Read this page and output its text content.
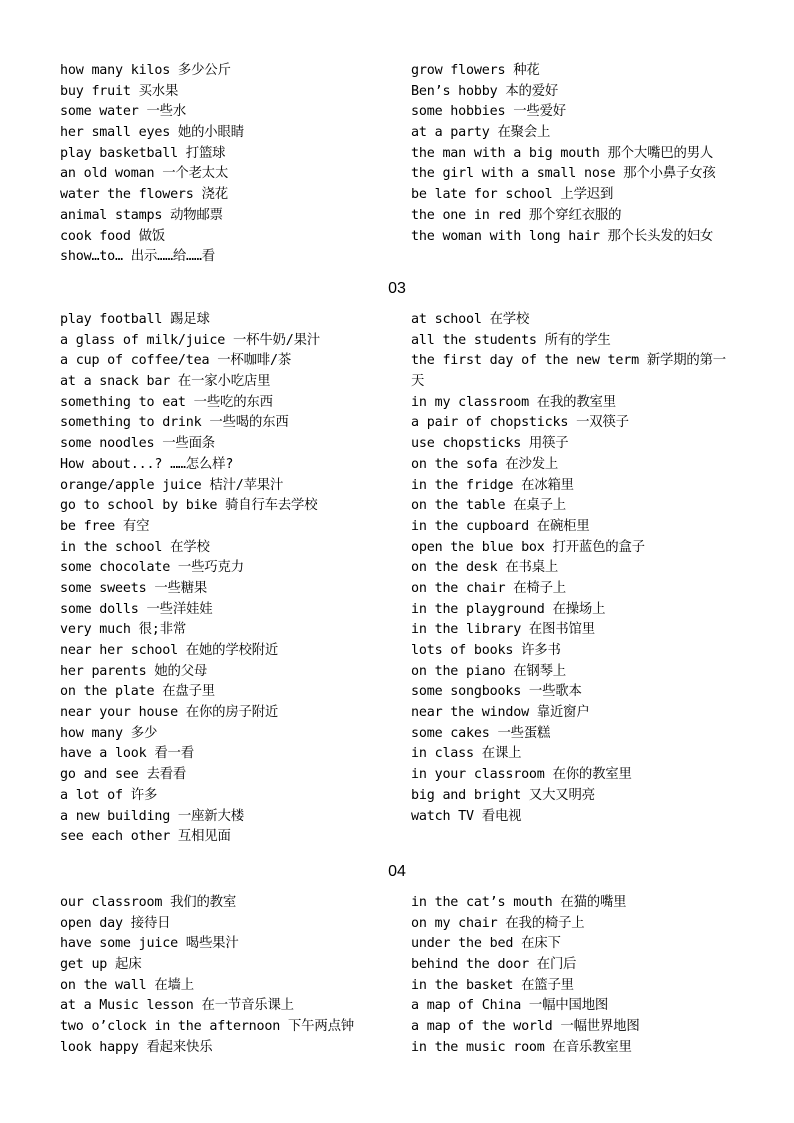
how many kilos 多少公斤
buy fruit 买水果
some water 一些水
her small eyes 她的小眼睛
play basketball 打篮球
an old woman 一个老太太
water the flowers 浇花
animal stamps 动物邮票
cook food 做饭
show…to… 出示……给……看
grow flowers 种花
Ben’s hobby 本的爱好
some hobbies 一些爱好
at a party 在聚会上
the man with a big mouth 那个大嘴巴的男人
the girl with a small nose 那个小鼻子女孩
be late for school 上学迟到
the one in red 那个穿红衣服的
the woman with long hair 那个长头发的妇女
03
play football 踢足球
a glass of milk/juice 一杯牛奶/果汁
a cup of coffee/tea 一杯咖啡/茶
at a snack bar 在一家小吃店里
something to eat 一些吃的东西
something to drink 一些喝的东西
some noodles 一些面条
How about...? ……怎么样?
orange/apple juice 桔汁/苹果汁
go to school by bike 骑自行车去学校
be free 有空
in the school 在学校
some chocolate 一些巧克力
some sweets 一些糖果
some dolls 一些洋娃娃
very much 很;非常
near her school 在她的学校附近
her parents 她的父母
on the plate 在盘子里
near your house 在你的房子附近
how many 多少
have a look 看一看
go and see 去看看
a lot of 许多
a new building 一座新大楼
see each other 互相见面
at school 在学校
all the students 所有的学生
the first day of the new term 新学期的第一
天
in my classroom 在我的教室里
a pair of chopsticks 一双筷子
use chopsticks 用筷子
on the sofa 在沙发上
in the fridge 在冰箱里
on the table 在桌子上
in the cupboard 在碗柜里
open the blue box 打开蓝色的盒子
on the desk 在书桌上
on the chair 在椅子上
in the playground 在操场上
in the library 在图书馆里
lots of books 许多书
on the piano 在钢琴上
some songbooks 一些歌本
near the window 靠近窗户
some cakes 一些蛋糕
in class 在课上
in your classroom 在你的教室里
big and bright 又大又明亮
watch TV 看电视
04
our classroom 我们的教室
open day 接待日
have some juice 喝些果汁
get up 起床
on the wall 在墙上
at a Music lesson 在一节音乐课上
two o’clock in the afternoon 下午两点钟
look happy 看起来快乐
in the cat’s mouth 在猫的嘴里
on my chair 在我的椅子上
under the bed 在床下
behind the door 在门后
in the basket 在篮子里
a map of China 一幅中国地图
a map of the world 一幅世界地图
in the music room 在音乐教室里
